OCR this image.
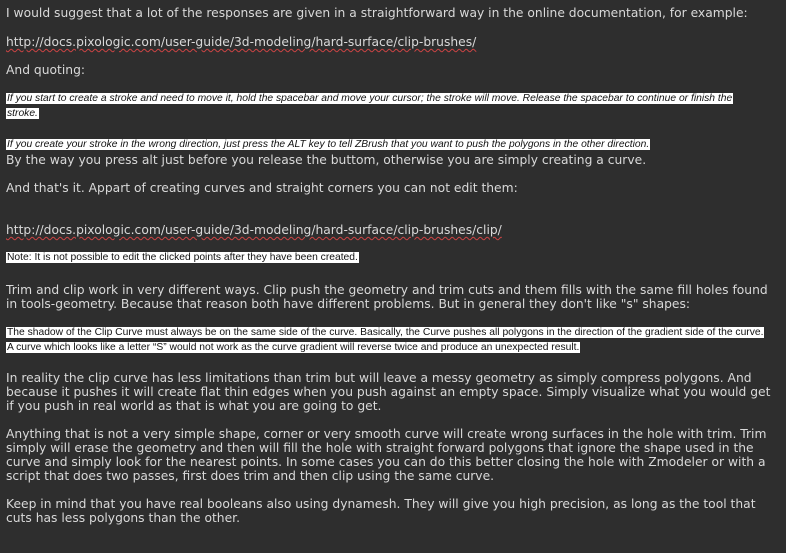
I would suggest that a lot of the responses are given in a straightforward way in the online documentation, for example:

http://docs.pixologic.com/user-guide/3d-modeling/hard-surface/clip-brushes/

And quoting:

If you start to create a stroke and need to move it, hold the spacebar and move your cursor; the stroke will move. Release the spacebar to continue or finish the stroke.

If you create your stroke in the wrong direction, just press the ALT key to tell ZBrush that you want to push the polygons in the other direction.

By the way you press alt just before you release the buttom, otherwise you are simply creating a curve.

And that's it. Appart of creating curves and straight corners you can not edit them:

http://docs.pixologic.com/user-guide/3d-modeling/hard-surface/clip-brushes/clip/

Note: It is not possible to edit the clicked points after they have been created.

Trim and clip work in very different ways. Clip push the geometry and trim cuts and them fills with the same fill holes found in tools-geometry. Because that reason both have different problems. But in general they don't like "s" shapes:

The shadow of the Clip Curve must always be on the same side of the curve. Basically, the Curve pushes all polygons in the direction of the gradient side of the curve. A curve which looks like a letter “S” would not work as the curve gradient will reverse twice and produce an unexpected result.

In reality the clip curve has less limitations than trim but will leave a messy geometry as simply compress polygons. And because it pushes it will create flat thin edges when you push against an empty space. Simply visualize what you would get if you push in real world as that is what you are going to get.

Anything that is not a very simple shape, corner or very smooth curve will create wrong surfaces in the hole with trim. Trim simply will erase the geometry and then will fill the hole with straight forward polygons that ignore the shape used in the curve and simply look for the nearest points. In some cases you can do this better closing the hole with Zmodeler or with a script that does two passes, first does trim and then clip using the same curve.

Keep in mind that you have real booleans also using dynamesh. They will give you high precision, as long as the tool that cuts has less polygons than the other.
